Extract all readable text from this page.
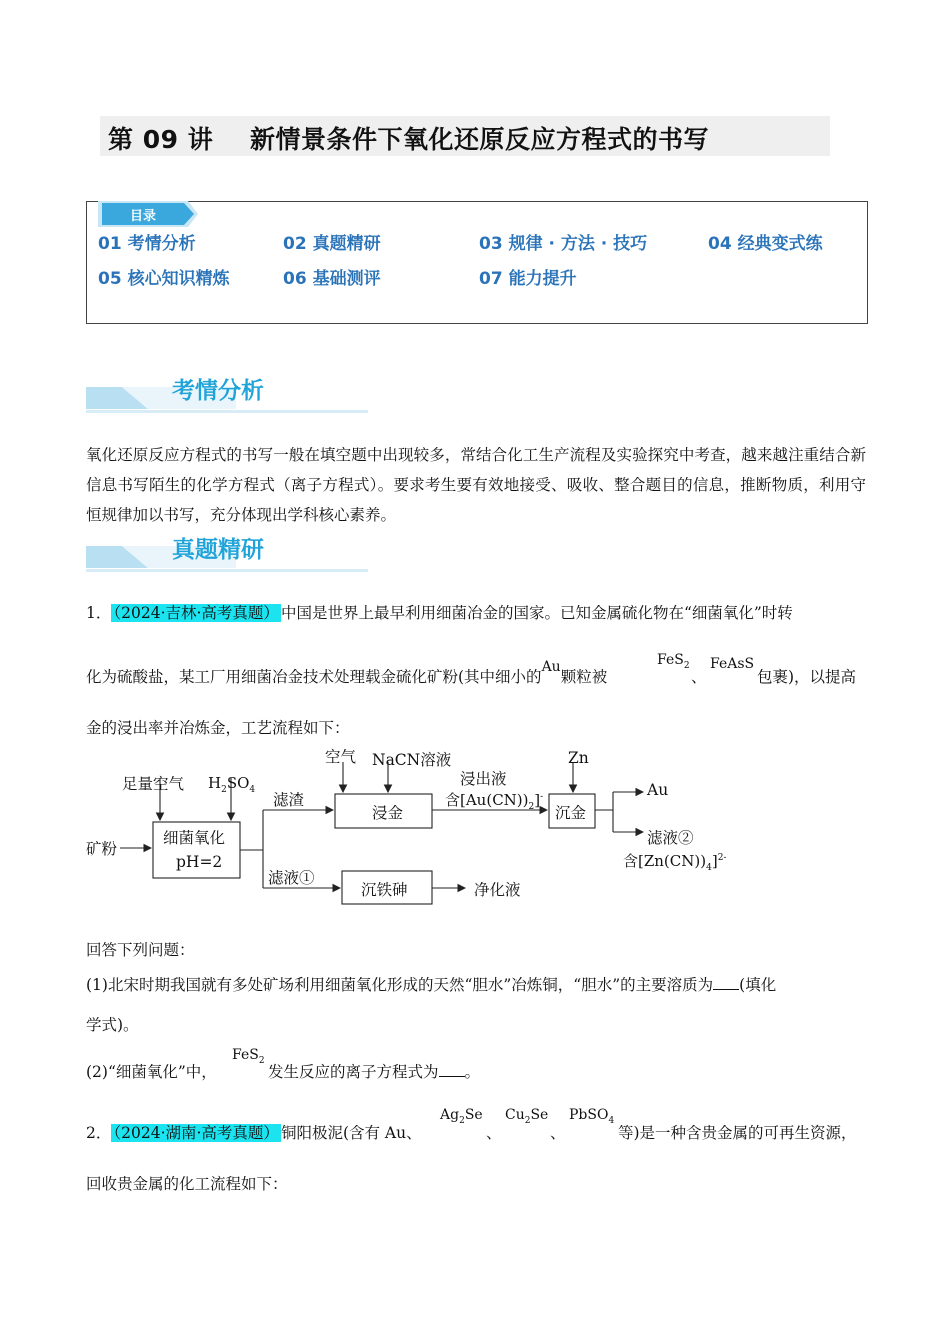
第 09 讲    新情景条件下氧化还原反应方程式的书写
目录
01 考情分析	02 真题精研	03 规律 · 方法 · 技巧	04 经典变式练
05 核心知识精炼	06 基础测评	07 能力提升
考情分析
氧化还原反应方程式的书写一般在填空题中出现较多，常结合化工生产流程及实验探究中考查，越来越注重结合新信息书写陌生的化学方程式（离子方程式）。要求考生要有效地接受、吸收、整合题目的信息，推断物质，利用守恒规律加以书写，充分体现出学科核心素养。
真题精研
1． （2024·吉林·高考真题） 中国是世界上最早利用细菌冶金的国家。已知金属硫化物在“细菌氧化”时转
化为硫酸盐，某工厂用细菌冶金技术处理载金硫化矿粉(其中细小的Au颗粒被
FeS$_2$
、
FeAsS
包裹)，以提高
金的浸出率并冶炼金，工艺流程如下：
矿粉
足量空气 $H_2SO_4$
细菌氧化
pH=2
滤渣
空气 NaCN溶液
浸金
浸出液
含$[Au(CN))_2]^-$
Zn
沉金
Au
滤液②
含$[Zn(CN))_4]^{2-}$
滤液①
沉铁砷	净化液
回答下列问题：
(1)北宋时期我国就有多处矿场利用细菌氧化形成的天然“胆水”冶炼铜，“胆水”的主要溶质为 (填化
学式)。
(2)“细菌氧化”中，
FeS$_2$
发生反应的离子方程式为 。
2． （2024·湖南·高考真题） 铜阳极泥(含有 Au、
$Ag_2Se$
、
$Cu_2Se$
、
PbSO$_4$
等)是一种含贵金属的可再生资源，
回收贵金属的化工流程如下：
